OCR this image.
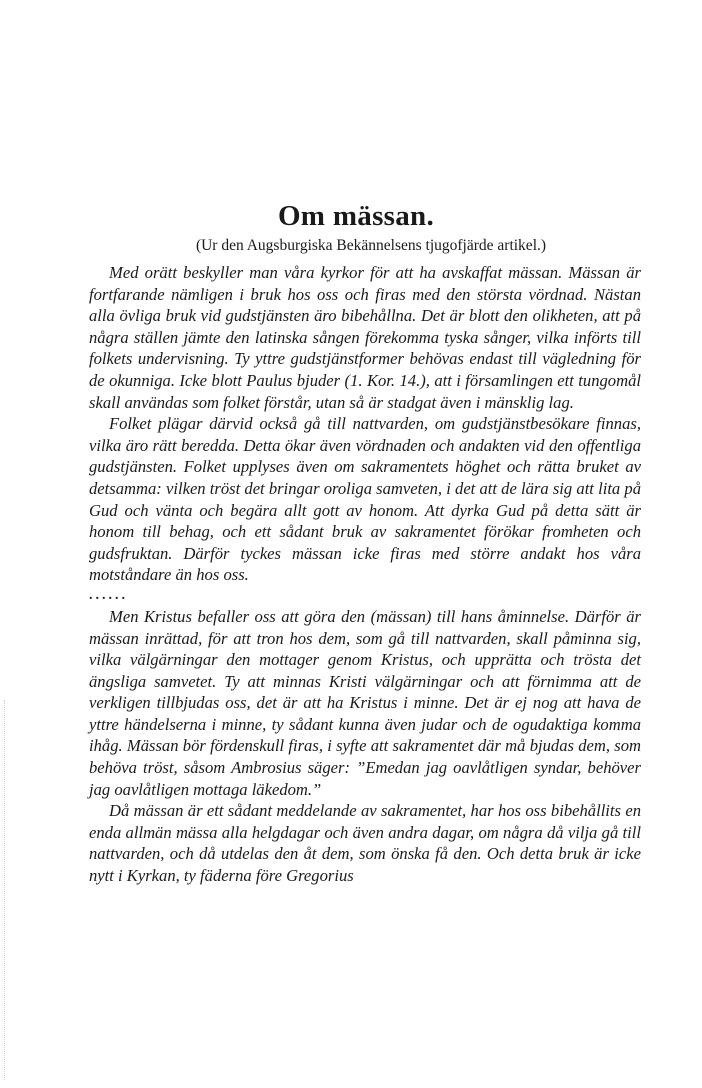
Om mässan.
(Ur den Augsburgiska Bekännelsens tjugofjärde artikel.)

Med orätt beskyller man våra kyrkor för att ha avskaffat mässan. Mässan är fortfarande nämligen i bruk hos oss och firas med den största vördnad. Nästan alla övliga bruk vid gudstjänsten äro bibehållna. Det är blott den olikheten, att på några ställen jämte den latinska sången förekomma tyska sånger, vilka införts till folkets undervisning. Ty yttre gudstjänstformer behövas endast till vägledning för de okunniga. Icke blott Paulus bjuder (1. Kor. 14.), att i församlingen ett tungomål skall användas som folket förstår, utan så är stadgat även i mänsklig lag.

Folket plägar därvid också gå till nattvarden, om gudstjänstbesökare finnas, vilka äro rätt beredda. Detta ökar även vördnaden och andakten vid den offentliga gudstjänsten. Folket upplyses även om sakramentets höghet och rätta bruket av detsamma: vilken tröst det bringar oroliga samveten, i det att de lära sig att lita på Gud och vänta och begära allt gott av honom. Att dyrka Gud på detta sätt är honom till behag, och ett sådant bruk av sakramentet förökar fromheten och gudsfruktan. Därför tyckes mässan icke firas med större andakt hos våra motståndare än hos oss.

......

Men Kristus befaller oss att göra den (mässan) till hans åminnelse. Därför är mässan inrättad, för att tron hos dem, som gå till nattvarden, skall påminna sig, vilka välgärningar den mottager genom Kristus, och upprätta och trösta det ängsliga samvetet. Ty att minnas Kristi välgärningar och att förnimma att de verkligen tillbjudas oss, det är att ha Kristus i minne. Det är ej nog att hava de yttre händelserna i minne, ty sådant kunna även judar och de ogudaktiga komma ihåg. Mässan bör fördenskull firas, i syfte att sakramentet där må bjudas dem, som behöva tröst, såsom Ambrosius säger: ”Emedan jag oavlåtligen syndar, behöver jag oavlåtligen mottaga läkedom.”

Då mässan är ett sådant meddelande av sakramentet, har hos oss bibehållits en enda allmän mässa alla helgdagar och även andra dagar, om några då vilja gå till nattvarden, och då utdelas den åt dem, som önska få den. Och detta bruk är icke nytt i Kyrkan, ty fäderna före Gregorius
